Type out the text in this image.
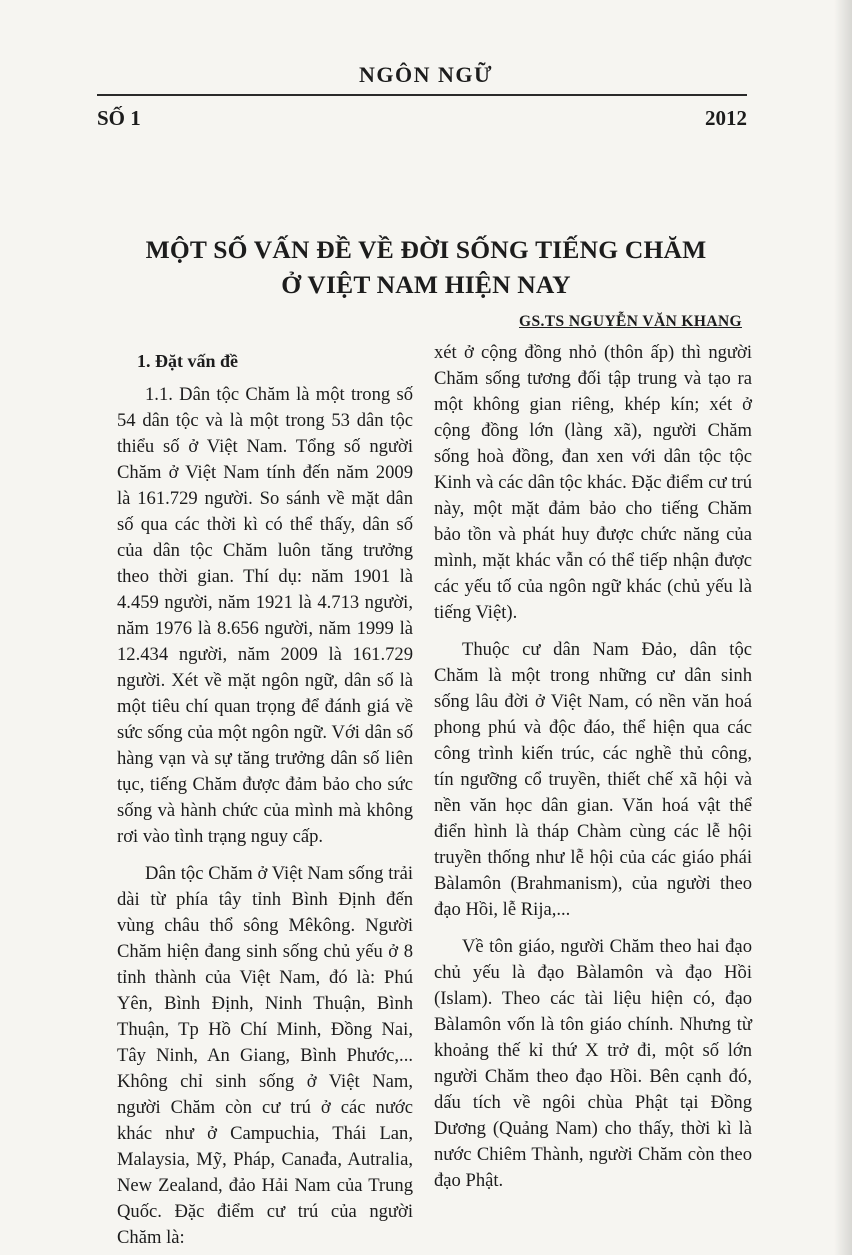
NGÔN NGỮ
SỐ 1	2012
MỘT SỐ VẤN ĐỀ VỀ ĐỜI SỐNG TIẾNG CHĂM
Ở VIỆT NAM HIỆN NAY
GS.TS NGUYỄN VĂN KHANG
1. Đặt vấn đề

1.1. Dân tộc Chăm là một trong số 54 dân tộc và là một trong 53 dân tộc thiểu số ở Việt Nam. Tổng số người Chăm ở Việt Nam tính đến năm 2009 là 161.729 người. So sánh về mặt dân số qua các thời kì có thể thấy, dân số của dân tộc Chăm luôn tăng trưởng theo thời gian. Thí dụ: năm 1901 là 4.459 người, năm 1921 là 4.713 người, năm 1976 là 8.656 người, năm 1999 là 12.434 người, năm 2009 là 161.729 người. Xét về mặt ngôn ngữ, dân số là một tiêu chí quan trọng để đánh giá về sức sống của một ngôn ngữ. Với dân số hàng vạn và sự tăng trưởng dân số liên tục, tiếng Chăm được đảm bảo cho sức sống và hành chức của mình mà không rơi vào tình trạng nguy cấp.

Dân tộc Chăm ở Việt Nam sống trải dài từ phía tây tỉnh Bình Định đến vùng châu thổ sông Mêkông. Người Chăm hiện đang sinh sống chủ yếu ở 8 tỉnh thành của Việt Nam, đó là: Phú Yên, Bình Định, Ninh Thuận, Bình Thuận, Tp Hồ Chí Minh, Đồng Nai, Tây Ninh, An Giang, Bình Phước,... Không chỉ sinh sống ở Việt Nam, người Chăm còn cư trú ở các nước khác như ở Campuchia, Thái Lan, Malaysia, Mỹ, Pháp, Canađa, Autralia, New Zealand, đảo Hải Nam của Trung Quốc. Đặc điểm cư trú của người Chăm là:

xét ở cộng đồng nhỏ (thôn ấp) thì người Chăm sống tương đối tập trung và tạo ra một không gian riêng, khép kín; xét ở cộng đồng lớn (làng xã), người Chăm sống hoà đồng, đan xen với dân tộc tộc Kinh và các dân tộc khác. Đặc điểm cư trú này, một mặt đảm bảo cho tiếng Chăm bảo tồn và phát huy được chức năng của mình, mặt khác vẫn có thể tiếp nhận được các yếu tố của ngôn ngữ khác (chủ yếu là tiếng Việt).

Thuộc cư dân Nam Đảo, dân tộc Chăm là một trong những cư dân sinh sống lâu đời ở Việt Nam, có nền văn hoá phong phú và độc đáo, thể hiện qua các công trình kiến trúc, các nghề thủ công, tín ngưỡng cổ truyền, thiết chế xã hội và nền văn học dân gian. Văn hoá vật thể điển hình là tháp Chàm cùng các lễ hội truyền thống như lễ hội của các giáo phái Bàlamôn (Brahmanism), của người theo đạo Hồi, lễ Rija,...

Về tôn giáo, người Chăm theo hai đạo chủ yếu là đạo Bàlamôn và đạo Hồi (Islam). Theo các tài liệu hiện có, đạo Bàlamôn vốn là tôn giáo chính. Nhưng từ khoảng thế kỉ thứ X trở đi, một số lớn người Chăm theo đạo Hồi. Bên cạnh đó, dấu tích về ngôi chùa Phật tại Đồng Dương (Quảng Nam) cho thấy, thời kì là nước Chiêm Thành, người Chăm còn theo đạo Phật.
